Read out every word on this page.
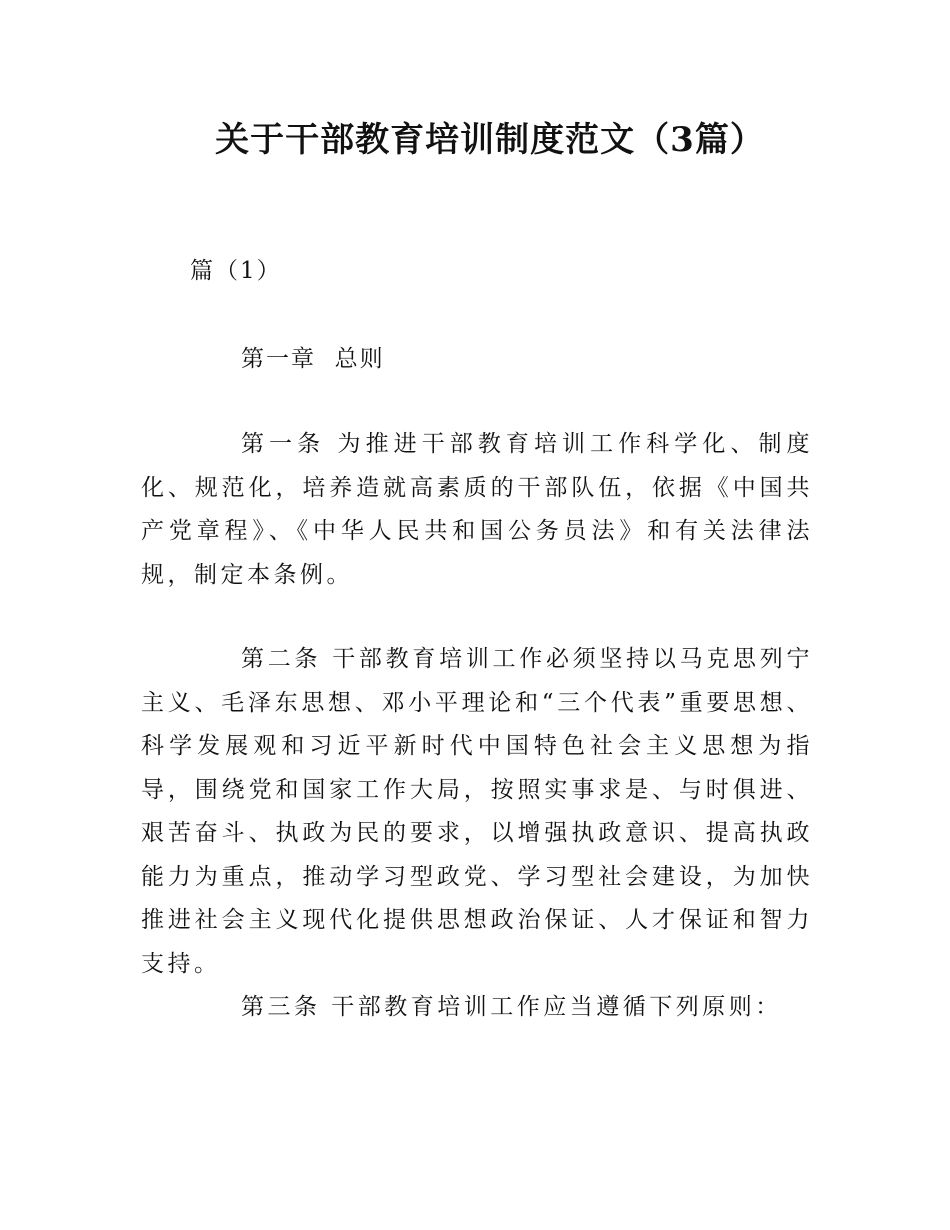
关于干部教育培训制度范文（3篇）

篇（1）

第一章  总则

第一条 为推进干部教育培训工作科学化、制度化、规范化，培养造就高素质的干部队伍，依据《中国共产党章程》、《中华人民共和国公务员法》和有关法律法规，制定本条例。

第二条 干部教育培训工作必须坚持以马克思列宁主义、毛泽东思想、邓小平理论和“三个代表”重要思想、科学发展观和习近平新时代中国特色社会主义思想为指导，围绕党和国家工作大局，按照实事求是、与时俱进、艰苦奋斗、执政为民的要求，以增强执政意识、提高执政能力为重点，推动学习型政党、学习型社会建设，为加快推进社会主义现代化提供思想政治保证、人才保证和智力支持。

第三条 干部教育培训工作应当遵循下列原则：
